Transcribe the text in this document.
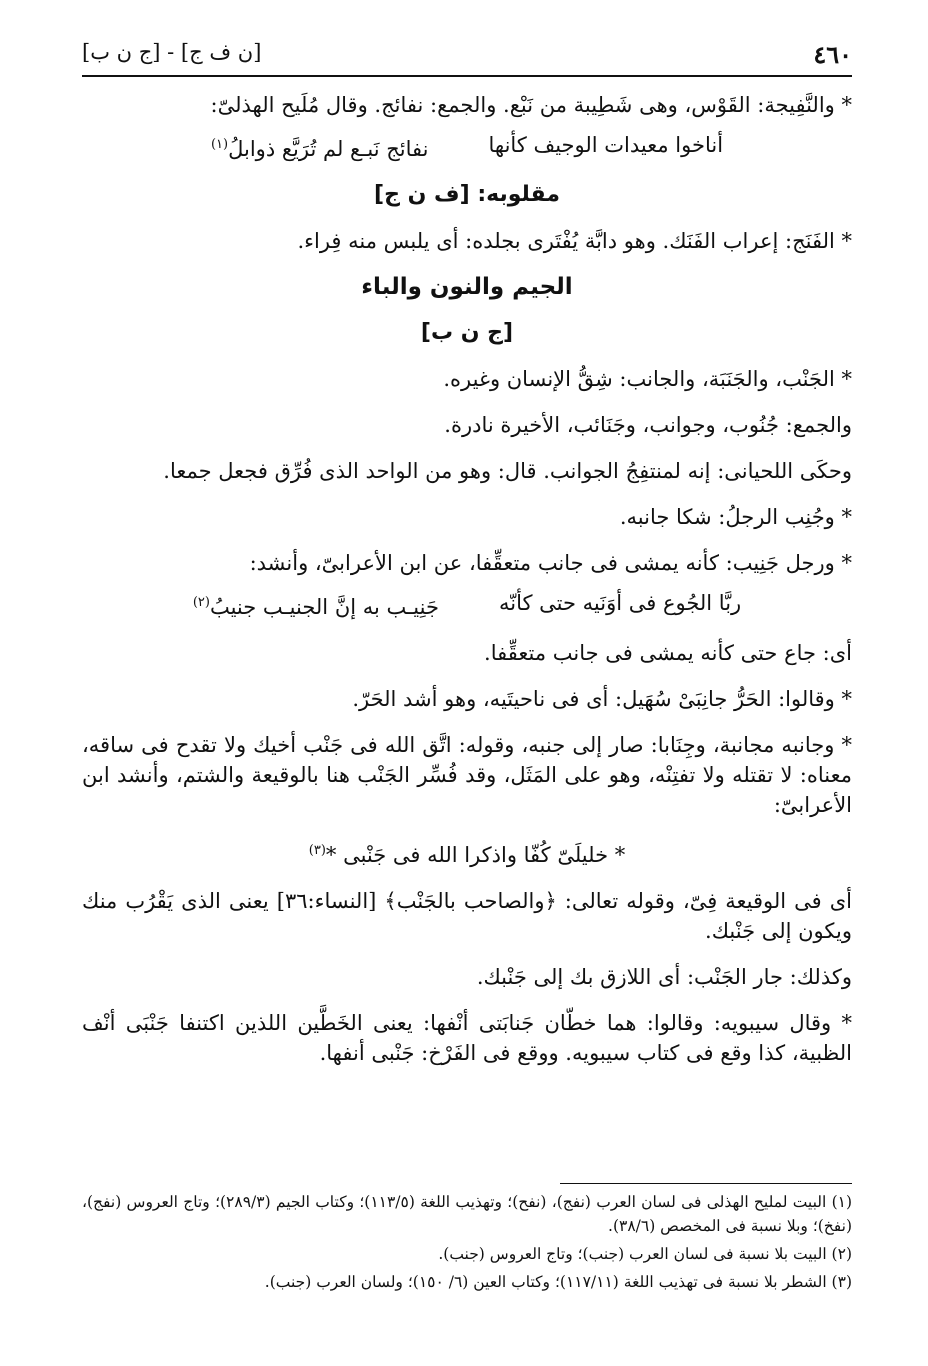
٤٦٠
[ن ف ج] - [ج ن ب]

* والنَّفِيجة: القَوْس، وهى شَطِيبة من نَبْع. والجمع: نفائج. وقال مُلَيح الهذلىّ:

أناخوا معيدات الوجيف كأنها
نفائج نَبـع لم تُرَيَّع ذوابلُ$^{(١)}$
مقلوبه: [ف ن ج]

* الفَنَج: إعراب الفَنَك. وهو دابَّة يُفْتَرى بجلده: أى يلبس منه فِراء.

الجيم والنون والباء
[ج ن ب]

* الجَنْب، والجَنَبَة، والجانب: شِقُّ الإنسان وغيره.

والجمع: جُنُوب، وجوانب، وجَنَائب، الأخيرة نادرة.

وحكَى اللحيانى: إنه لمنتفِجُ الجوانب. قال: وهو من الواحد الذى فُرِّق فجعل جمعا.

* وجُنِب الرجلُ: شكا جانبه.

* ورجل جَنِيب: كأنه يمشى فى جانب متعقِّفا، عن ابن الأعرابىّ، وأنشد:

ربَّا الجُوع فى أوَنَيه حتى كأنّه
جَنِيـب به إنَّ الجنيـب جنيبُ$^{(٢)}$

أى: جاع حتى كأنه يمشى فى جانب متعقِّفا.

* وقالوا: الحَرُّ جانِبَىْ سُهَيل: أى فى ناحيتَيه، وهو أشد الحَرّ.

* وجانبه مجانبة، وجِنَابا: صار إلى جنبه، وقوله: اتَّق الله فى جَنْب أخيك ولا تقدح فى ساقه، معناه: لا تقتله ولا تفتِنْه، وهو على المَثَل، وقد فُسِّر الجَنْب هنا بالوقيعة والشتم، وأنشد ابن الأعرابىّ:

* خليلَىّ كُفّا واذكرا الله فى جَنْبى *$^{(٣)}$

أى فى الوقيعة فِىّ، وقوله تعالى: ﴿والصاحب بالجَنْب﴾ [النساء:٣٦] يعنى الذى يَقْرُب منك ويكون إلى جَنْبك.

وكذلك: جار الجَنْب: أى اللازق بك إلى جَنْبك.

* وقال سيبويه: وقالوا: هما خطّان جَنابَتى أنْفها: يعنى الخَطَّين اللذين اكتنفا جَنْبَى أنْف الظبية، كذا وقع فى كتاب سيبويه. ووقع فى الفَرْخ: جَنْبى أنفها.

(١) البيت لمليح الهذلى فى لسان العرب (نفج)، (نفح)؛ وتهذيب اللغة (١١٣/٥)؛ وكتاب الجيم (٢٨٩/٣)؛ وتاج العروس (نفج)، (نفخ)؛ وبلا نسبة فى المخصص (٣٨/٦).

(٢) البيت بلا نسبة فى لسان العرب (جنب)؛ وتاج العروس (جنب).

(٣) الشطر بلا نسبة فى تهذيب اللغة (١١٧/١١)؛ وكتاب العين (٦/ ١٥٠)؛ ولسان العرب (جنب).
